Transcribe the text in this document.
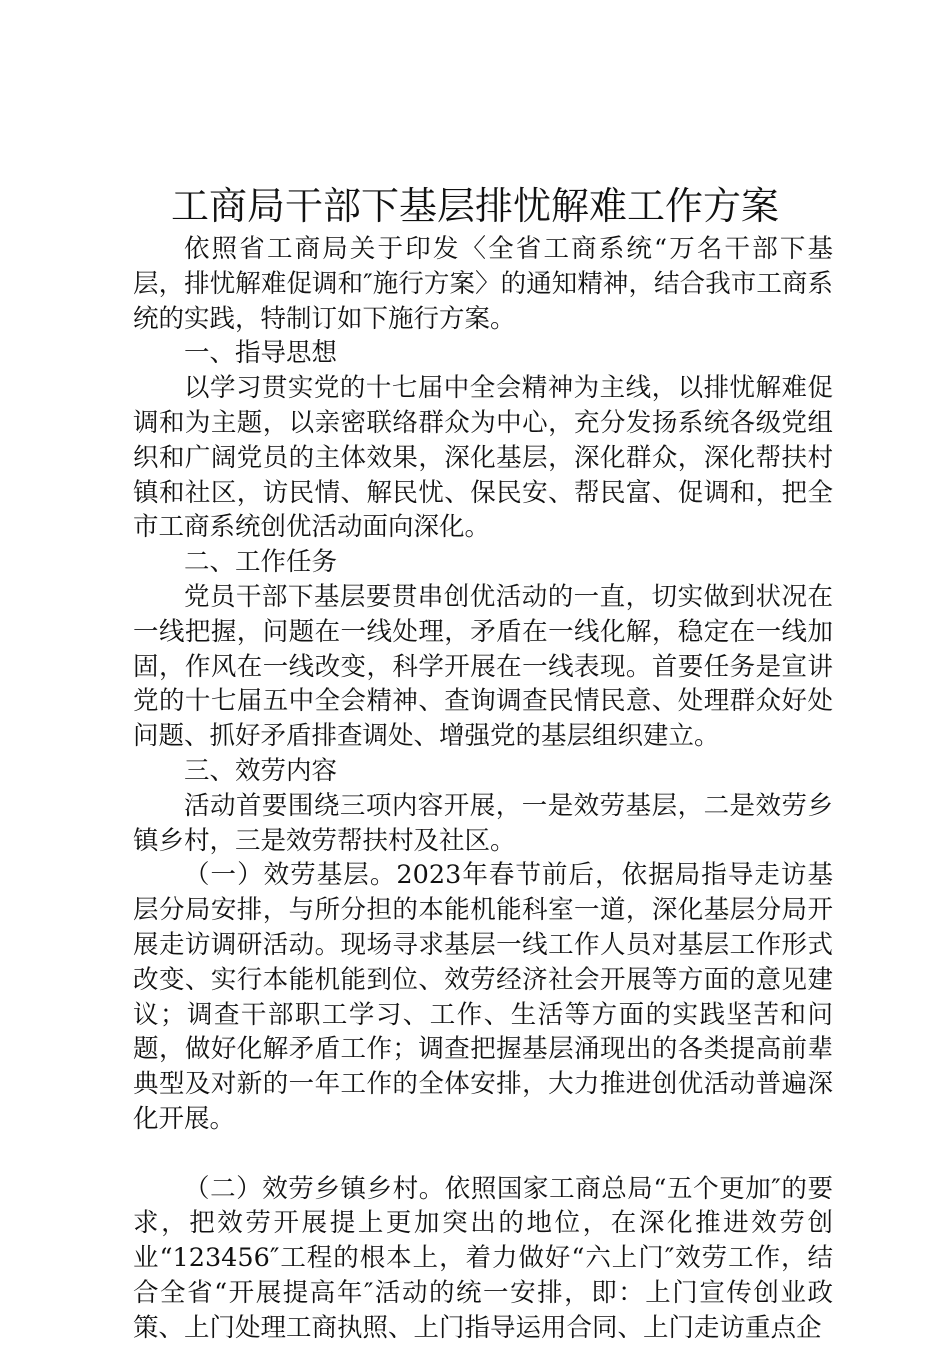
工商局干部下基层排忧解难工作方案

依照省工商局关于印发〈全省工商系统“万名干部下基层，排忧解难促调和″施行方案〉的通知精神，结合我市工商系统的实践，特制订如下施行方案。

一、指导思想

以学习贯实党的十七届中全会精神为主线，以排忧解难促调和为主题，以亲密联络群众为中心，充分发扬系统各级党组织和广阔党员的主体效果，深化基层，深化群众，深化帮扶村镇和社区，访民情、解民忧、保民安、帮民富、促调和，把全市工商系统创优活动面向深化。

二、工作任务

党员干部下基层要贯串创优活动的一直，切实做到状况在一线把握，问题在一线处理，矛盾在一线化解，稳定在一线加固，作风在一线改变，科学开展在一线表现。首要任务是宣讲党的十七届五中全会精神、查询调查民情民意、处理群众好处问题、抓好矛盾排查调处、增强党的基层组织建立。

三、效劳内容

活动首要围绕三项内容开展，一是效劳基层，二是效劳乡镇乡村，三是效劳帮扶村及社区。

（一）效劳基层。2023年春节前后，依据局指导走访基层分局安排，与所分担的本能机能科室一道，深化基层分局开展走访调研活动。现场寻求基层一线工作人员对基层工作形式改变、实行本能机能到位、效劳经济社会开展等方面的意见建议；调查干部职工学习、工作、生活等方面的实践坚苦和问题，做好化解矛盾工作；调查把握基层涌现出的各类提高前辈典型及对新的一年工作的全体安排，大力推进创优活动普遍深化开展。

（二）效劳乡镇乡村。依照国家工商总局“五个更加″的要求，把效劳开展提上更加突出的地位，在深化推进效劳创业“123456″工程的根本上，着力做好“六上门″效劳工作，结合全省“开展提高年″活动的统一安排，即：上门宣传创业政策、上门处理工商执照、上门指导运用合同、上门走访重点企
